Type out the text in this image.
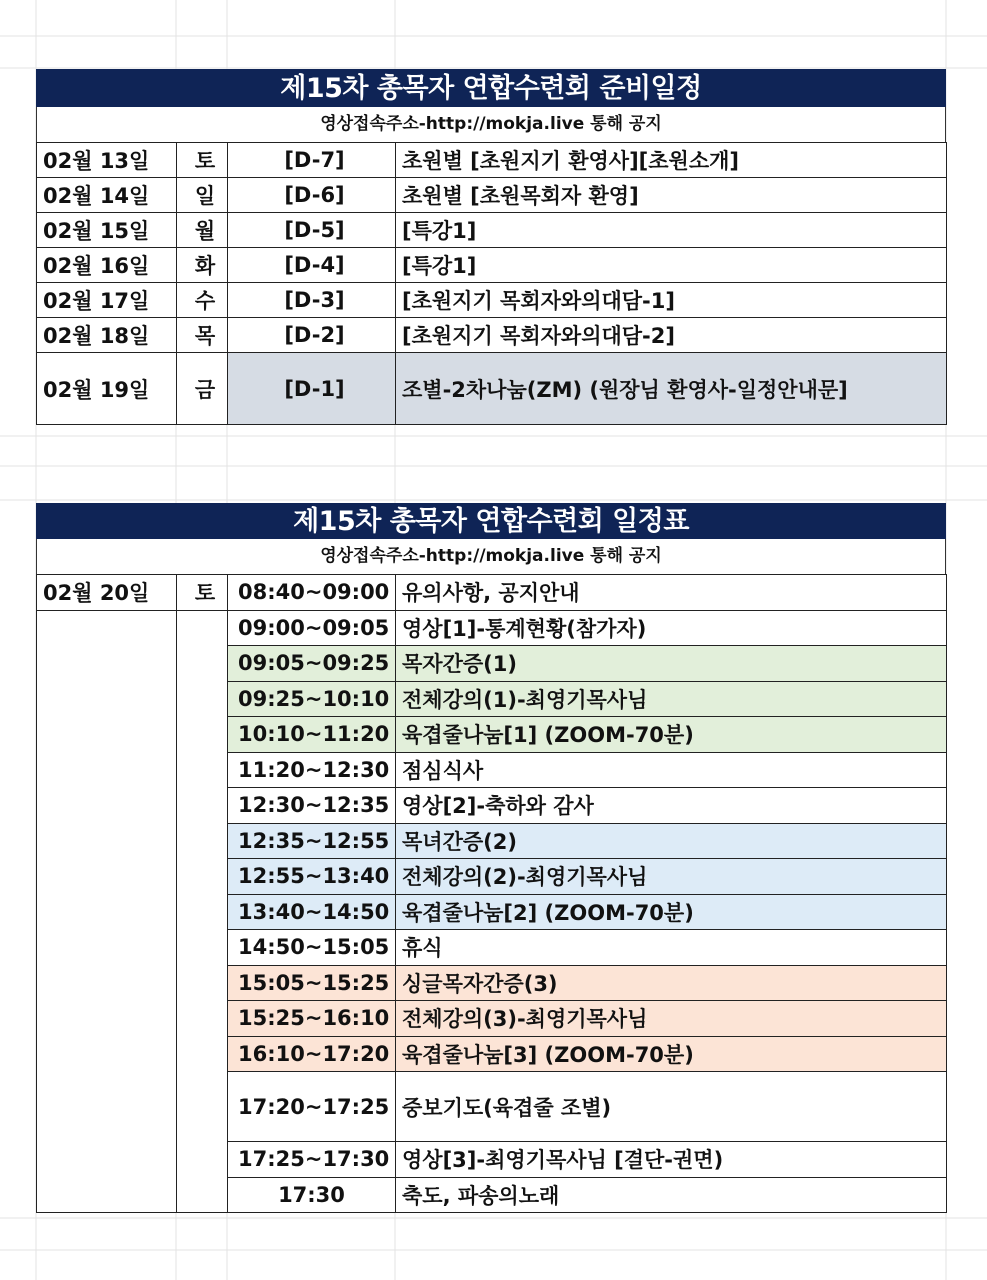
제15차 총목자 연합수련회 준비일정
영상접속주소-http://mokja.live 통해 공지
02월 13일	토	[D-7]	초원별 [초원지기 환영사][초원소개]
02월 14일	일	[D-6]	초원별 [초원목회자 환영]
02월 15일	월	[D-5]	[특강1]
02월 16일	화	[D-4]	[특강1]
02월 17일	수	[D-3]	[초원지기 목회자와의대담-1]
02월 18일	목	[D-2]	[초원지기 목회자와의대담-2]
02월 19일	금	[D-1]	조별-2차나눔(ZM) (원장님 환영사-일정안내문]
제15차 총목자 연합수련회 일정표
영상접속주소-http://mokja.live 통해 공지
02월 20일	토	08:40~09:00	유의사항, 공지안내
		09:00~09:05	영상[1]-통계현황(참가자)
		09:05~09:25	목자간증(1)
		09:25~10:10	전체강의(1)-최영기목사님
		10:10~11:20	육겹줄나눔[1] (ZOOM-70분)
		11:20~12:30	점심식사
		12:30~12:35	영상[2]-축하와 감사
		12:35~12:55	목녀간증(2)
		12:55~13:40	전체강의(2)-최영기목사님
		13:40~14:50	육겹줄나눔[2] (ZOOM-70분)
		14:50~15:05	휴식
		15:05~15:25	싱글목자간증(3)
		15:25~16:10	전체강의(3)-최영기목사님
		16:10~17:20	육겹줄나눔[3] (ZOOM-70분)
		17:20~17:25	중보기도(육겹줄 조별)
		17:25~17:30	영상[3]-최영기목사님 [결단-권면)
		17:30	축도, 파송의노래
